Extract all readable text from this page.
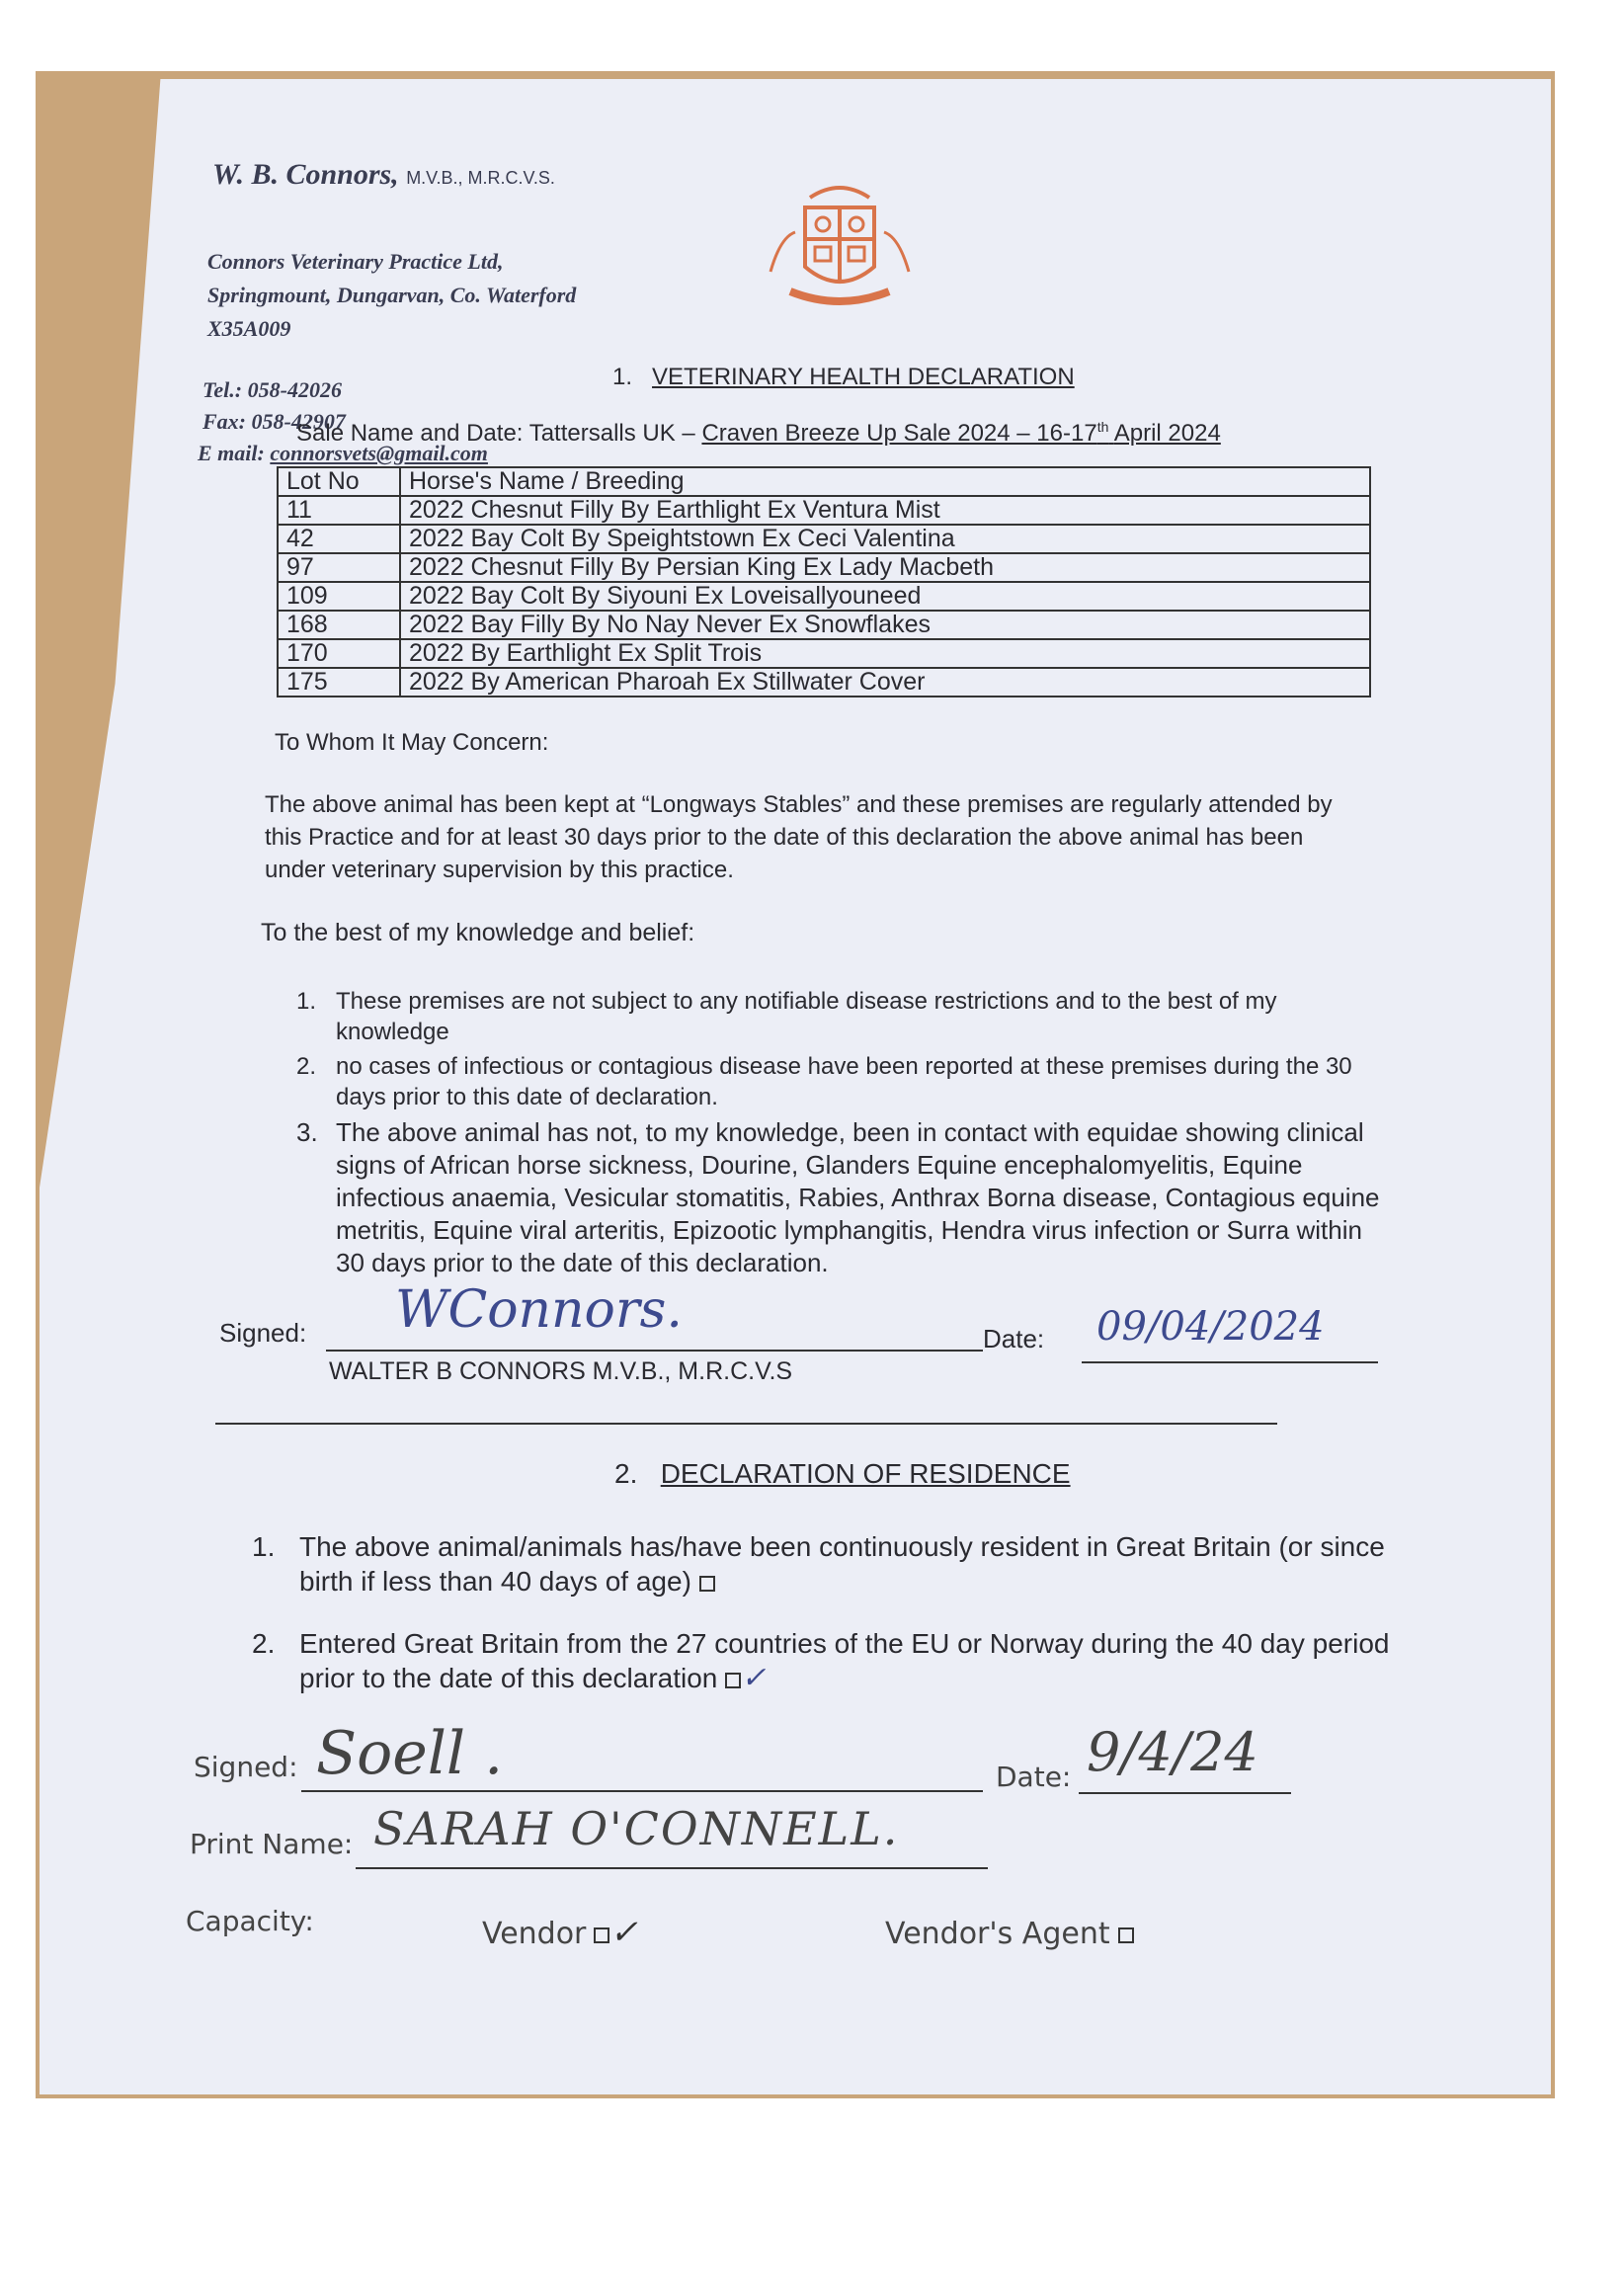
W. B. Connors, M.V.B., M.R.C.V.S.
Connors Veterinary Practice Ltd,
Springmount, Dungarvan, Co. Waterford
X35A009
Tel.: 058-42026
Fax: 058-42907
E mail: connorsvets@gmail.com
1. VETERINARY HEALTH DECLARATION
Sale Name and Date: Tattersalls UK – Craven Breeze Up Sale 2024 – 16-17th April 2024
Lot No	Horse's Name / Breeding
11	2022 Chesnut Filly By Earthlight Ex Ventura Mist
42	2022 Bay Colt By Speightstown Ex Ceci Valentina
97	2022 Chesnut Filly By Persian King Ex Lady Macbeth
109	2022 Bay Colt By Siyouni Ex Loveisallyouneed
168	2022 Bay Filly By No Nay Never Ex Snowflakes
170	2022 By Earthlight Ex Split Trois
175	2022 By American Pharoah Ex Stillwater Cover
To Whom It May Concern:
The above animal has been kept at “Longways Stables” and these premises are regularly attended by this Practice and for at least 30 days prior to the date of this declaration the above animal has been under veterinary supervision by this practice.
To the best of my knowledge and belief:
1. These premises are not subject to any notifiable disease restrictions and to the best of my knowledge
2. no cases of infectious or contagious disease have been reported at these premises during the 30 days prior to this date of declaration.
3. The above animal has not, to my knowledge, been in contact with equidae showing clinical signs of African horse sickness, Dourine, Glanders Equine encephalomyelitis, Equine infectious anaemia, Vesicular stomatitis, Rabies, Anthrax Borna disease, Contagious equine metritis, Equine viral arteritis, Epizootic lymphangitis, Hendra virus infection or Surra within 30 days prior to the date of this declaration.
Signed: WConnors.	Date: 09/04/2024
WALTER B CONNORS M.V.B., M.R.C.V.S
2. DECLARATION OF RESIDENCE
1. The above animal/animals has/have been continuously resident in Great Britain (or since birth if less than 40 days of age)
2. Entered Great Britain from the 27 countries of the EU or Norway during the 40 day period prior to the date of this declaration ✓
Signed: Soell .	Date: 9/4/24
Print Name: SARAH O'CONNELL.
Capacity:	Vendor ✓	Vendor's Agent
